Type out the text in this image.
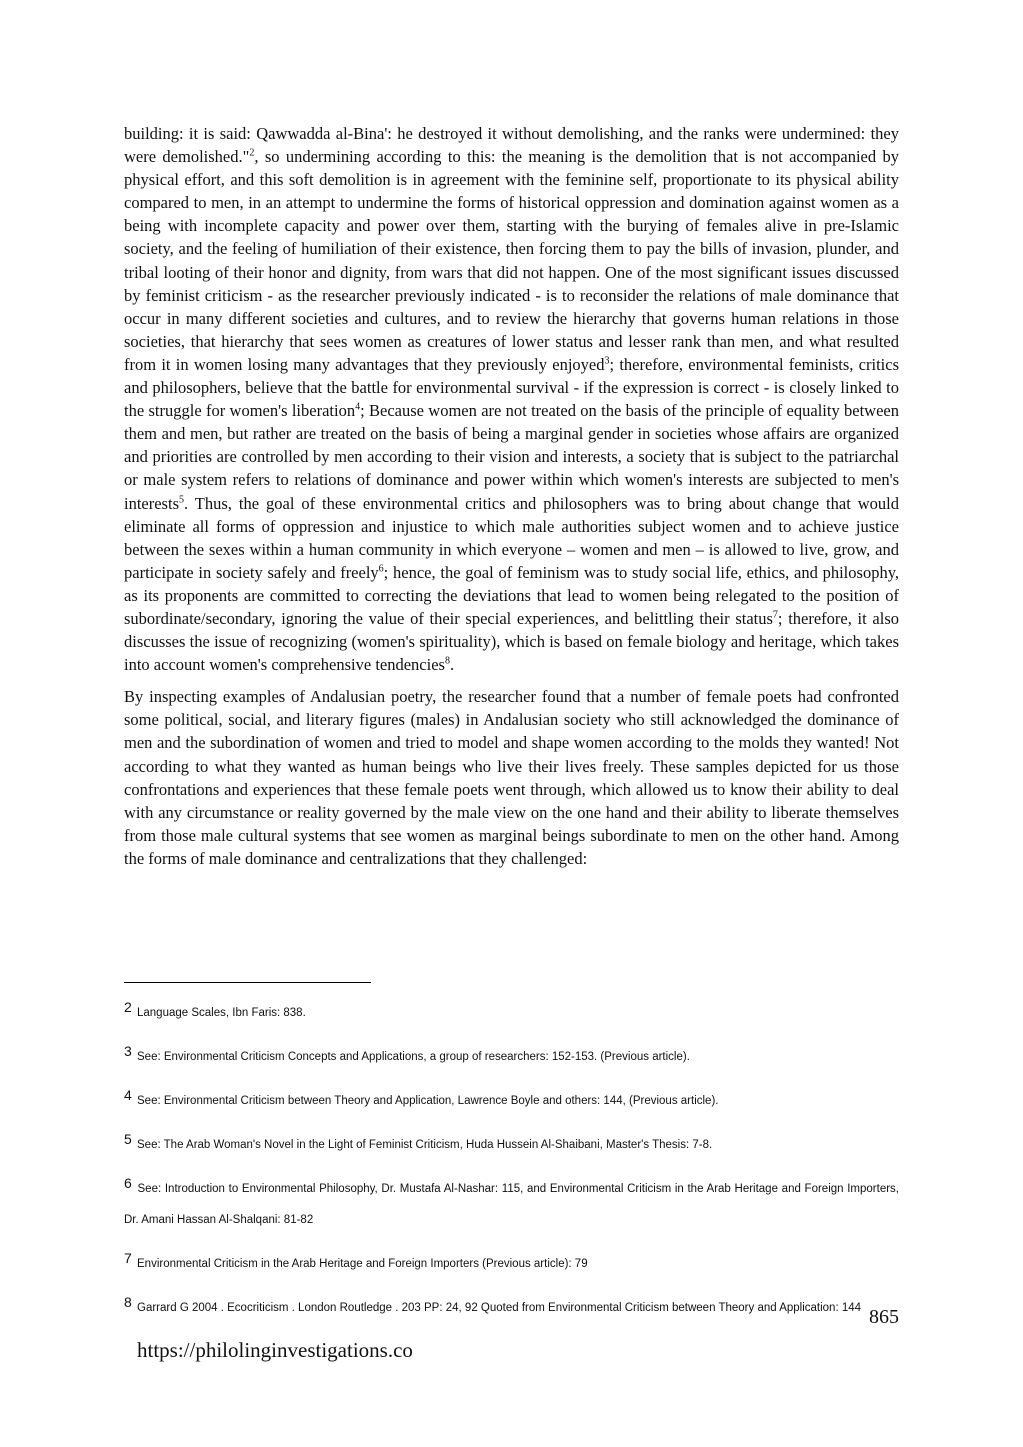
building: it is said: Qawwadda al-Bina': he destroyed it without demolishing, and the ranks were undermined: they were demolished."$^2$, so undermining according to this: the meaning is the demolition that is not accompanied by physical effort, and this soft demolition is in agreement with the feminine self, proportionate to its physical ability compared to men, in an attempt to undermine the forms of historical oppression and domination against women as a being with incomplete capacity and power over them, starting with the burying of females alive in pre-Islamic society, and the feeling of humiliation of their existence, then forcing them to pay the bills of invasion, plunder, and tribal looting of their honor and dignity, from wars that did not happen. One of the most significant issues discussed by feminist criticism - as the researcher previously indicated - is to reconsider the relations of male dominance that occur in many different societies and cultures, and to review the hierarchy that governs human relations in those societies, that hierarchy that sees women as creatures of lower status and lesser rank than men, and what resulted from it in women losing many advantages that they previously enjoyed$^3$; therefore, environmental feminists, critics and philosophers, believe that the battle for environmental survival - if the expression is correct - is closely linked to the struggle for women's liberation$^4$; Because women are not treated on the basis of the principle of equality between them and men, but rather are treated on the basis of being a marginal gender in societies whose affairs are organized and priorities are controlled by men according to their vision and interests, a society that is subject to the patriarchal or male system refers to relations of dominance and power within which women's interests are subjected to men's interests$^5$. Thus, the goal of these environmental critics and philosophers was to bring about change that would eliminate all forms of oppression and injustice to which male authorities subject women and to achieve justice between the sexes within a human community in which everyone – women and men – is allowed to live, grow, and participate in society safely and freely$^6$; hence, the goal of feminism was to study social life, ethics, and philosophy, as its proponents are committed to correcting the deviations that lead to women being relegated to the position of subordinate/secondary, ignoring the value of their special experiences, and belittling their status$^7$; therefore, it also discusses the issue of recognizing (women's spirituality), which is based on female biology and heritage, which takes into account women's comprehensive tendencies$^8$.

By inspecting examples of Andalusian poetry, the researcher found that a number of female poets had confronted some political, social, and literary figures (males) in Andalusian society who still acknowledged the dominance of men and the subordination of women and tried to model and shape women according to the molds they wanted! Not according to what they wanted as human beings who live their lives freely. These samples depicted for us those confrontations and experiences that these female poets went through, which allowed us to know their ability to deal with any circumstance or reality governed by the male view on the one hand and their ability to liberate themselves from those male cultural systems that see women as marginal beings subordinate to men on the other hand. Among the forms of male dominance and centralizations that they challenged:

2 Language Scales, Ibn Faris: 838.
3 See: Environmental Criticism Concepts and Applications, a group of researchers: 152-153. (Previous article).
4 See: Environmental Criticism between Theory and Application, Lawrence Boyle and others: 144, (Previous article).
5 See: The Arab Woman's Novel in the Light of Feminist Criticism, Huda Hussein Al-Shaibani, Master's Thesis: 7-8.
6 See: Introduction to Environmental Philosophy, Dr. Mustafa Al-Nashar: 115, and Environmental Criticism in the Arab Heritage and Foreign Importers, Dr. Amani Hassan Al-Shalqani: 81-82
7 Environmental Criticism in the Arab Heritage and Foreign Importers (Previous article): 79
8 Garrard G 2004 . Ecocriticism . London Routledge . 203 PP: 24, 92 Quoted from Environmental Criticism between Theory and Application: 144 865
https://philolinginvestigations.co
